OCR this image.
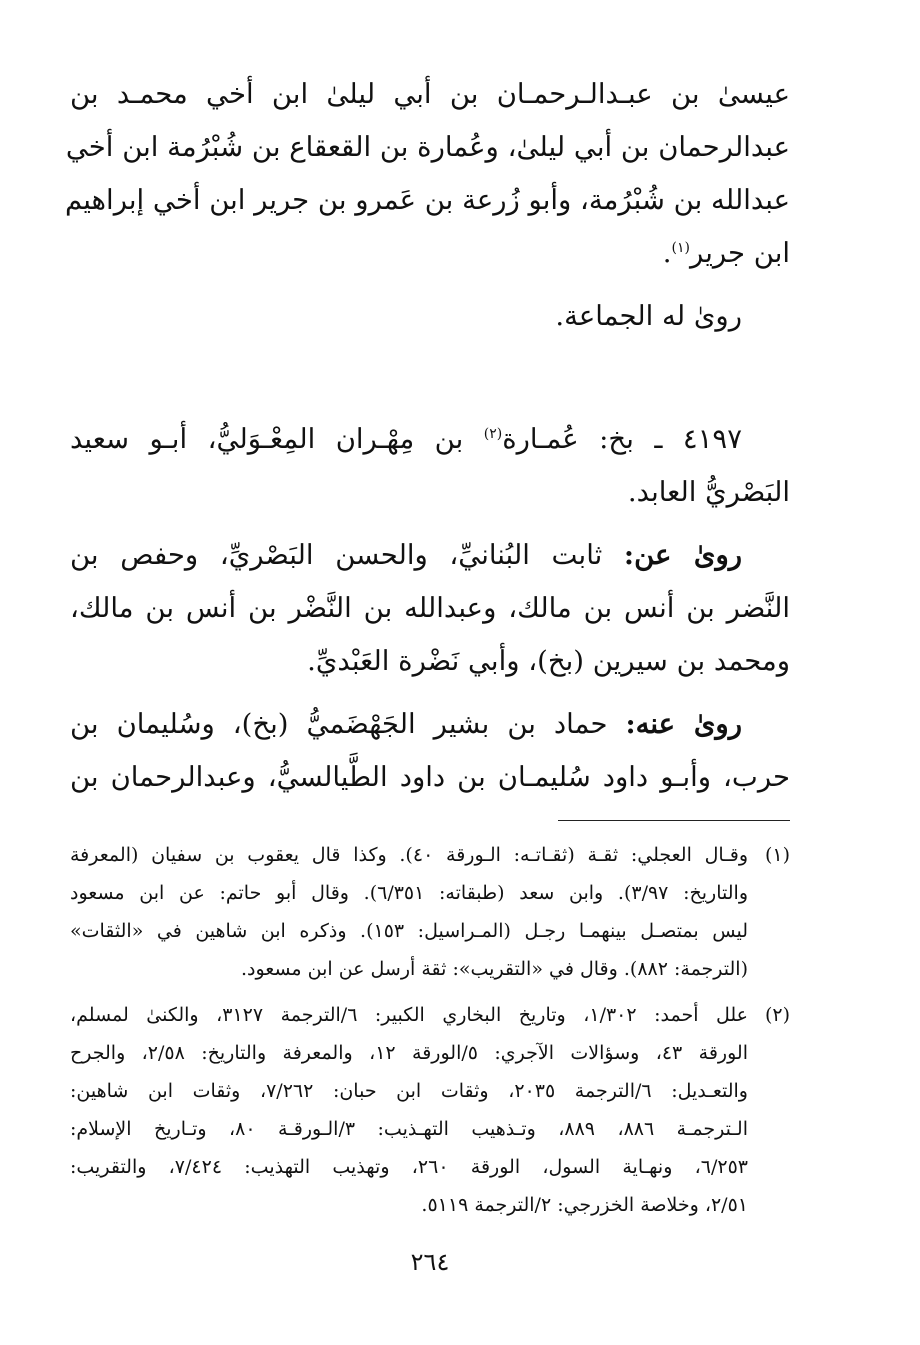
عيسىٰ بن عبـدالـرحمـان بن أبي ليلىٰ ابن أخي محمـد بن

عبدالرحمان بن أبي ليلىٰ، وعُمارة بن القعقاع بن شُبْرُمة ابن أخي

عبدالله بن شُبْرُمة، وأبو زُرعة بن عَمرو بن جرير ابن أخي إبراهيم

ابن جرير$^{(١)}$.

روىٰ له الجماعة.

٤١٩٧ ـ بخ: عُمـارة$^{(٢)}$ بن مِهْـران المِعْـوَليُّ، أبـو سعيد

البَصْريُّ العابد.

روىٰ عن: ثابت البُنانيِّ، والحسن البَصْريِّ، وحفص بن

النَّضر بن أنس بن مالك، وعبدالله بن النَّضْر بن أنس بن مالك،

ومحمد بن سيرين (بخ)، وأبي نَضْرة العَبْديِّ.

روىٰ عنه: حماد بن بشير الجَهْضَميُّ (بخ)، وسُليمان بن

حرب، وأبـو داود سُليمـان بن داود الطَّيالسيُّ، وعبدالرحمان بن

(١)

وقـال العجلي: ثقـة (ثقـاتـه: الـورقة ٤٠). وكذا قال يعقوب بن سفيان (المعرفة

والتاريخ: ٣/٩٧). وابن سعد (طبقاته: ٦/٣٥١). وقال أبو حاتم: عن ابن مسعود

ليس بمتصـل بينهمـا رجـل (المـراسيل: ١٥٣). وذكره ابن شاهين في «الثقات»

(الترجمة: ٨٨٢). وقال في «التقريب»: ثقة أرسل عن ابن مسعود.

(٢)

علل أحمد: ١/٣٠٢، وتاريخ البخاري الكبير: ٦/الترجمة ٣١٢٧، والكنىٰ لمسلم،

الورقة ٤٣، وسؤالات الآجري: ٥/الورقة ١٢، والمعرفة والتاريخ: ٢/٥٨، والجرح

والتعـديل: ٦/الترجمة ٢٠٣٥، وثقات ابن حبان: ٧/٢٦٢، وثقات ابن شاهين:

الـترجمـة ٨٨٦، ٨٨٩، وتـذهيب التهـذيب: ٣/الـورقـة ٨٠، وتـاريخ الإسلام:

٦/٢٥٣، ونهـاية السول، الورقة ٢٦٠، وتهذيب التهذيب: ٧/٤٢٤، والتقريب:

٢/٥١، وخلاصة الخزرجي: ٢/الترجمة ٥١١٩.

٢٦٤
